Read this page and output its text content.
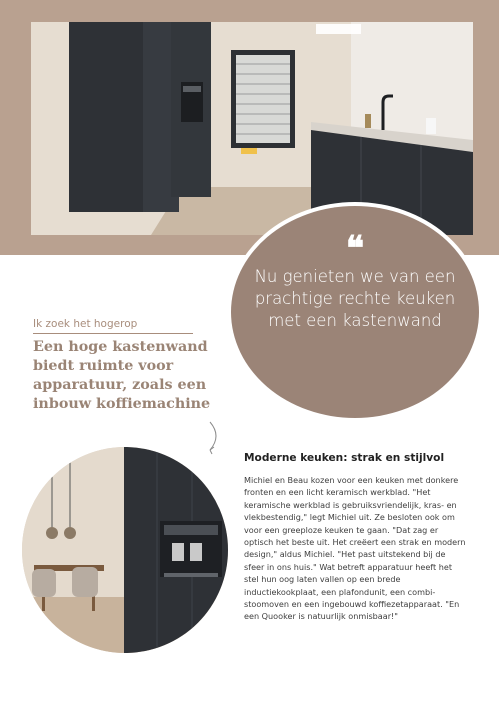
❝
Nu genieten we van een prachtige rechte keuken met een kastenwand
Ik zoek het hogerop
Een hoge kastenwand biedt ruimte voor apparatuur, zoals een inbouw koffiemachine
Moderne keuken: strak en stijlvol
Michiel en Beau kozen voor een keuken met donkere fronten en een licht keramisch werkblad. "Het keramische werkblad is gebruiksvriendelijk, kras- en vlekbestendig," legt Michiel uit. Ze besloten ook om voor een greeploze keuken te gaan. "Dat zag er optisch het beste uit. Het creëert een strak en modern design," aldus Michiel. "Het past uitstekend bij de sfeer in ons huis." Wat betreft apparatuur heeft het stel hun oog laten vallen op een brede inductiekookplaat, een plafondunit, een combi-stoomoven en een ingebouwd koffiezetapparaat. "En een Quooker is natuurlijk onmisbaar!"
